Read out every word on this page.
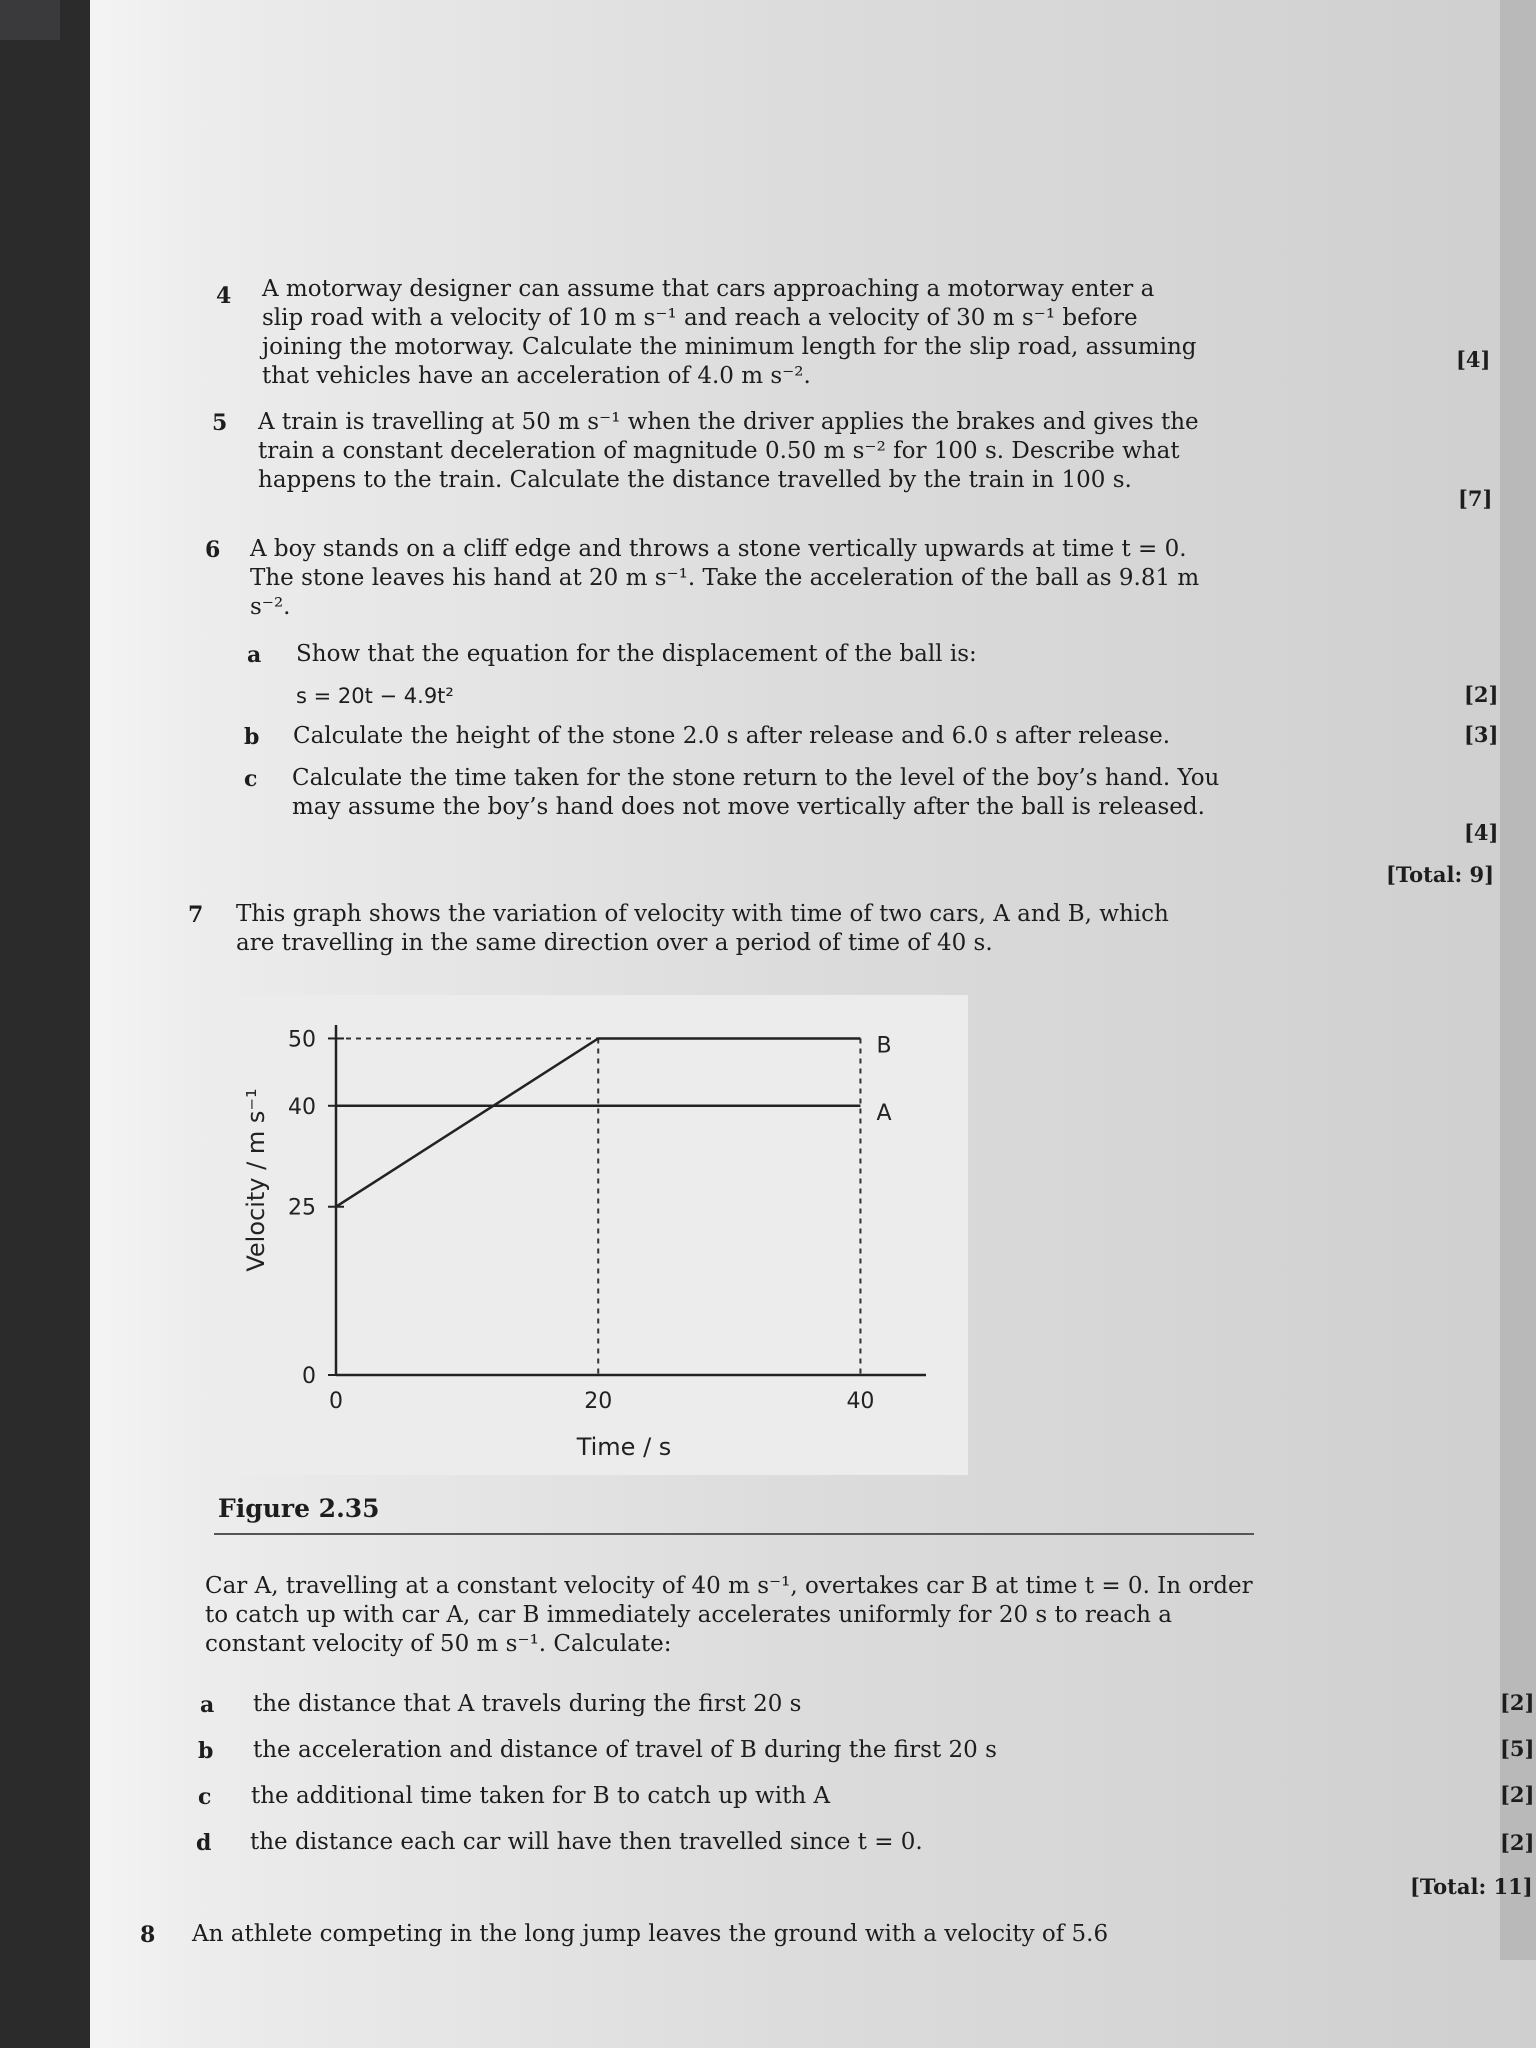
4 A motorway designer can assume that cars approaching a motorway enter a slip road with a velocity of 10 m s⁻¹ and reach a velocity of 30 m s⁻¹ before joining the motorway. Calculate the minimum length for the slip road, assuming that vehicles have an acceleration of 4.0 m s⁻².
[4]
5 A train is travelling at 50 m s⁻¹ when the driver applies the brakes and gives the train a constant deceleration of magnitude 0.50 m s⁻² for 100 s. Describe what happens to the train. Calculate the distance travelled by the train in 100 s.
[7]
6 A boy stands on a cliff edge and throws a stone vertically upwards at time t = 0. The stone leaves his hand at 20 m s⁻¹. Take the acceleration of the ball as 9.81 m s⁻².
a Show that the equation for the displacement of the ball is:
s = 20t − 4.9t²	[2]
b Calculate the height of the stone 2.0 s after release and 6.0 s after release.	[3]
c Calculate the time taken for the stone return to the level of the boy’s hand. You may assume the boy’s hand does not move vertically after the ball is released.
[4]
[Total: 9]
7 This graph shows the variation of velocity with time of two cars, A and B, which are travelling in the same direction over a period of time of 40 s.
Velocity / m s⁻¹
Time / s
0
25
40
50
0	20	40
A
B
Figure 2.35
Car A, travelling at a constant velocity of 40 m s⁻¹, overtakes car B at time t = 0. In order to catch up with car A, car B immediately accelerates uniformly for 20 s to reach a constant velocity of 50 m s⁻¹. Calculate:
a the distance that A travels during the first 20 s	[2]
b the acceleration and distance of travel of B during the first 20 s	[5]
c the additional time taken for B to catch up with A	[2]
d the distance each car will have then travelled since t = 0.	[2]
[Total: 11]
8 An athlete competing in the long jump leaves the ground with a velocity of 5.6
